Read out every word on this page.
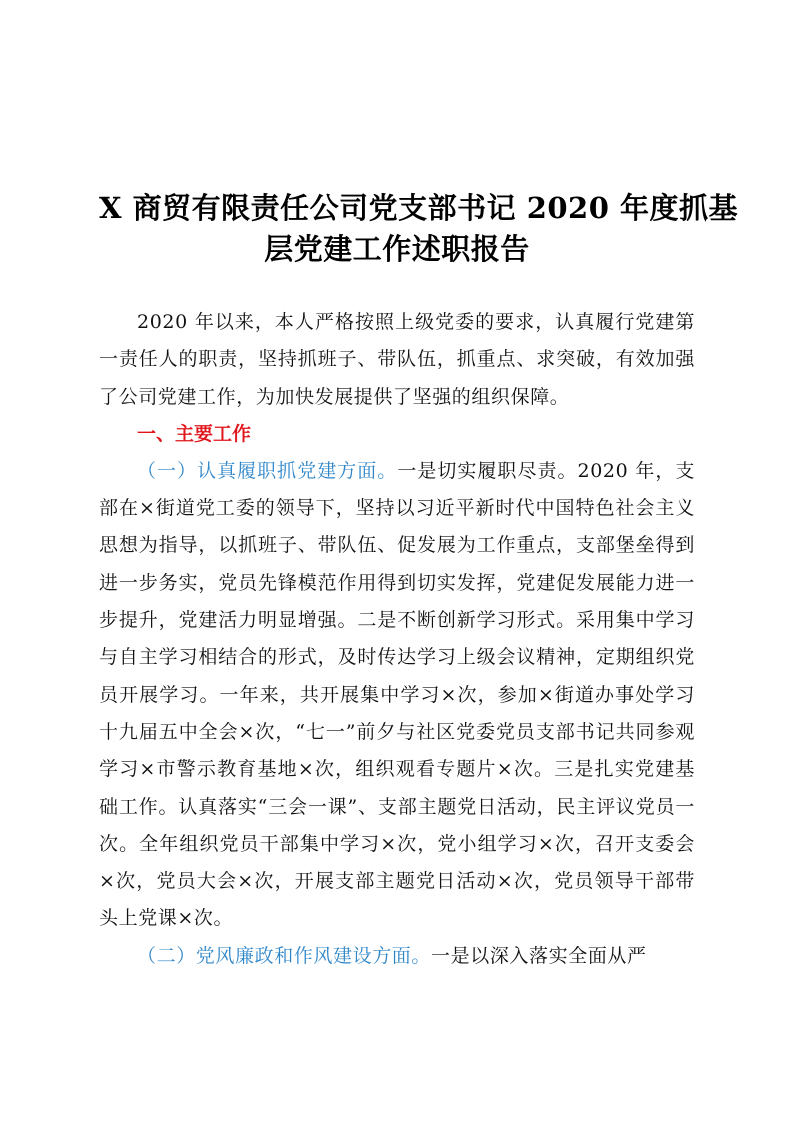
X 商贸有限责任公司党支部书记 2020 年度抓基
层党建工作述职报告

2020 年以来，本人严格按照上级党委的要求，认真履行党建第一责任人的职责，坚持抓班子、带队伍，抓重点、求突破，有效加强了公司党建工作，为加快发展提供了坚强的组织保障。

一、主要工作

（一）认真履职抓党建方面。一是切实履职尽责。2020 年，支部在×街道党工委的领导下，坚持以习近平新时代中国特色社会主义思想为指导，以抓班子、带队伍、促发展为工作重点，支部堡垒得到进一步务实，党员先锋模范作用得到切实发挥，党建促发展能力进一步提升，党建活力明显增强。二是不断创新学习形式。采用集中学习与自主学习相结合的形式，及时传达学习上级会议精神，定期组织党员开展学习。一年来，共开展集中学习×次，参加×街道办事处学习十九届五中全会×次，“七一”前夕与社区党委党员支部书记共同参观学习×市警示教育基地×次，组织观看专题片×次。三是扎实党建基础工作。认真落实“三会一课”、支部主题党日活动，民主评议党员一次。全年组织党员干部集中学习×次，党小组学习×次，召开支委会×次，党员大会×次，开展支部主题党日活动×次，党员领导干部带头上党课×次。

（二）党风廉政和作风建设方面。一是以深入落实全面从严
